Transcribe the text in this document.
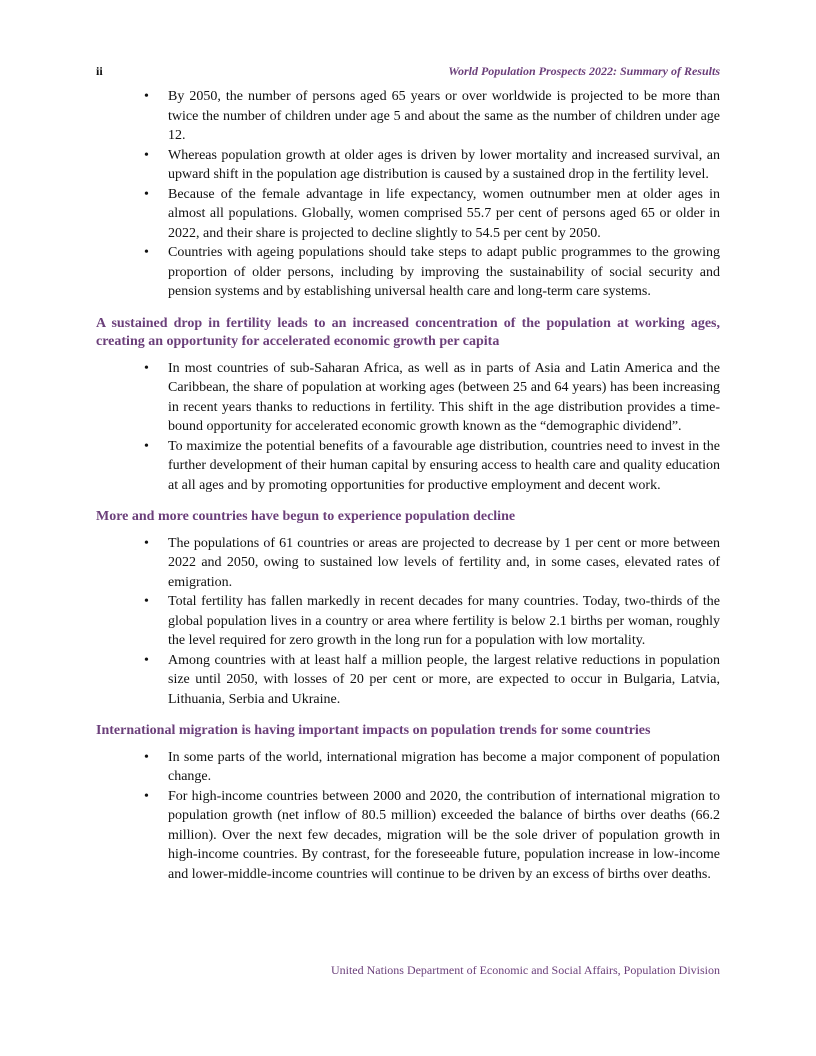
ii	World Population Prospects 2022: Summary of Results
• By 2050, the number of persons aged 65 years or over worldwide is projected to be more than twice the number of children under age 5 and about the same as the number of children under age 12.
• Whereas population growth at older ages is driven by lower mortality and increased survival, an upward shift in the population age distribution is caused by a sustained drop in the fertility level.
• Because of the female advantage in life expectancy, women outnumber men at older ages in almost all populations. Globally, women comprised 55.7 per cent of persons aged 65 or older in 2022, and their share is projected to decline slightly to 54.5 per cent by 2050.
• Countries with ageing populations should take steps to adapt public programmes to the growing proportion of older persons, including by improving the sustainability of social security and pension systems and by establishing universal health care and long-term care systems.
A sustained drop in fertility leads to an increased concentration of the population at working ages, creating an opportunity for accelerated economic growth per capita
• In most countries of sub-Saharan Africa, as well as in parts of Asia and Latin America and the Caribbean, the share of population at working ages (between 25 and 64 years) has been increasing in recent years thanks to reductions in fertility. This shift in the age distribution provides a time-bound opportunity for accelerated economic growth known as the “demographic dividend”.
• To maximize the potential benefits of a favourable age distribution, countries need to invest in the further development of their human capital by ensuring access to health care and quality education at all ages and by promoting opportunities for productive employment and decent work.
More and more countries have begun to experience population decline
• The populations of 61 countries or areas are projected to decrease by 1 per cent or more between 2022 and 2050, owing to sustained low levels of fertility and, in some cases, elevated rates of emigration.
• Total fertility has fallen markedly in recent decades for many countries. Today, two-thirds of the global population lives in a country or area where fertility is below 2.1 births per woman, roughly the level required for zero growth in the long run for a population with low mortality.
• Among countries with at least half a million people, the largest relative reductions in population size until 2050, with losses of 20 per cent or more, are expected to occur in Bulgaria, Latvia, Lithuania, Serbia and Ukraine.
International migration is having important impacts on population trends for some countries
• In some parts of the world, international migration has become a major component of population change.
• For high-income countries between 2000 and 2020, the contribution of international migration to population growth (net inflow of 80.5 million) exceeded the balance of births over deaths (66.2 million). Over the next few decades, migration will be the sole driver of population growth in high-income countries. By contrast, for the foreseeable future, population increase in low-income and lower-middle-income countries will continue to be driven by an excess of births over deaths.
United Nations Department of Economic and Social Affairs, Population Division
